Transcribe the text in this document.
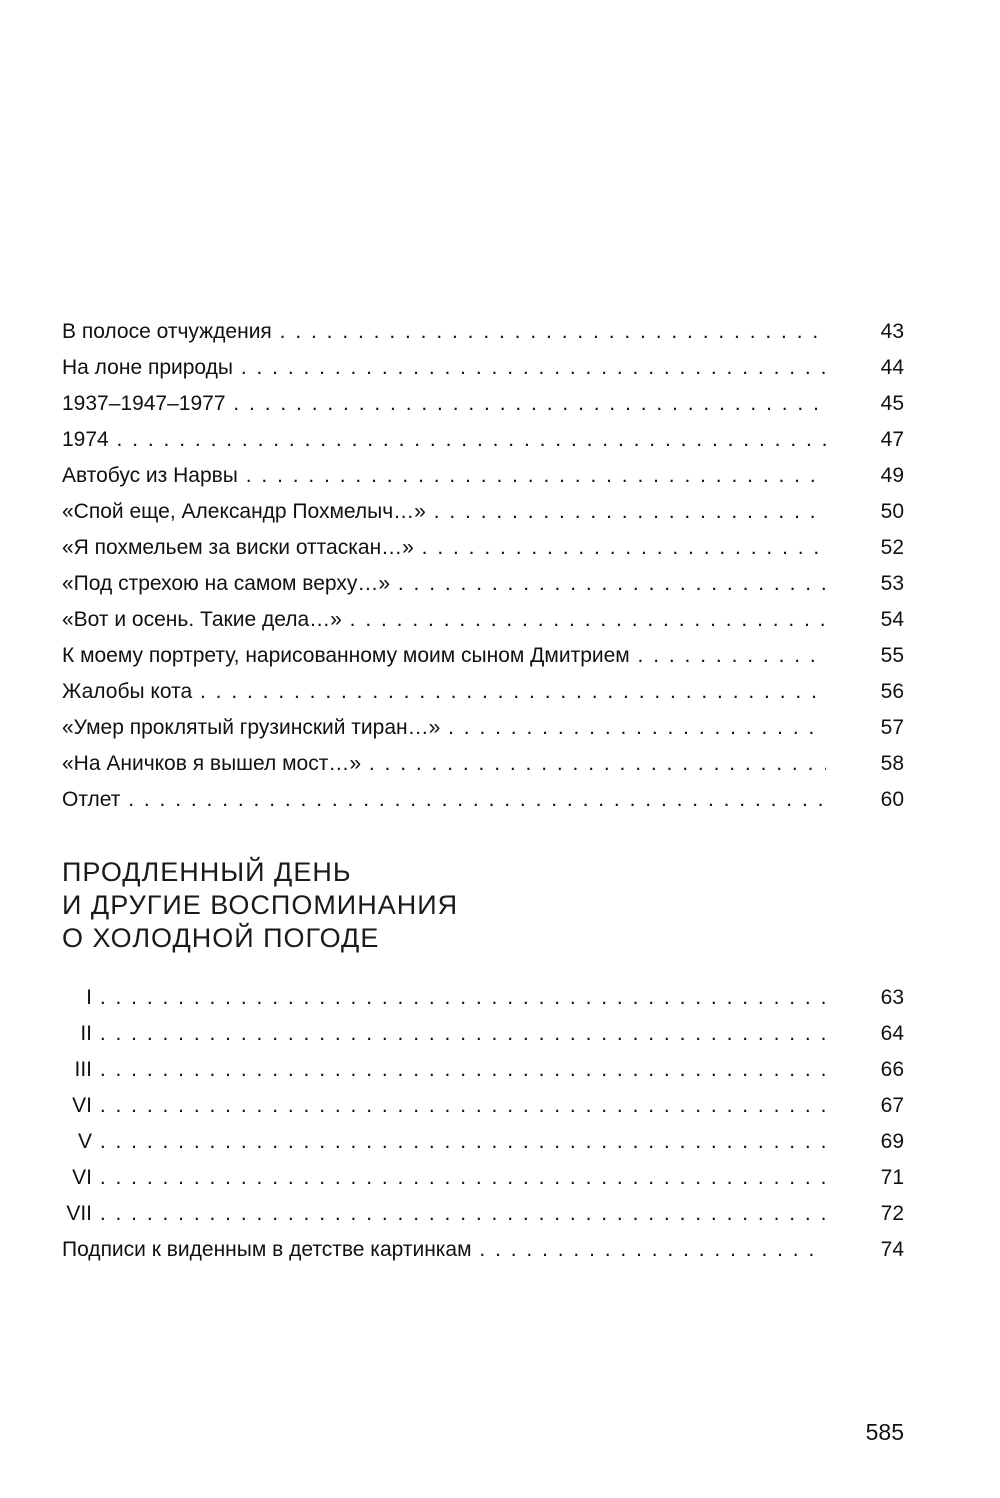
В полосе отчуждения . . .	43
На лоне природы . . .	44
1937–1947–1977 . . .	45
1974 . . .	47
Автобус из Нарвы . . .	49
«Спой еще, Александр Похмелыч…» . . .	50
«Я похмельем за виски оттаскан…» . . .	52
«Под стрехою на самом верху…» . . .	53
«Вот и осень. Такие дела…» . . .	54
К моему портрету, нарисованному моим сыном Дмитрием . . .	55
Жалобы кота . . .	56
«Умер проклятый грузинский тиран…» . . .	57
«На Аничков я вышел мост…» . . .	58
Отлет . . .	60
ПРОДЛЕННЫЙ ДЕНЬ
И ДРУГИЕ ВОСПОМИНАНИЯ
О ХОЛОДНОЙ ПОГОДЕ
I . . .	63
II . . .	64
III . . .	66
VI . . .	67
V . . .	69
VI . . .	71
VII . . .	72
Подписи к виденным в детстве картинкам . . .	74
585
